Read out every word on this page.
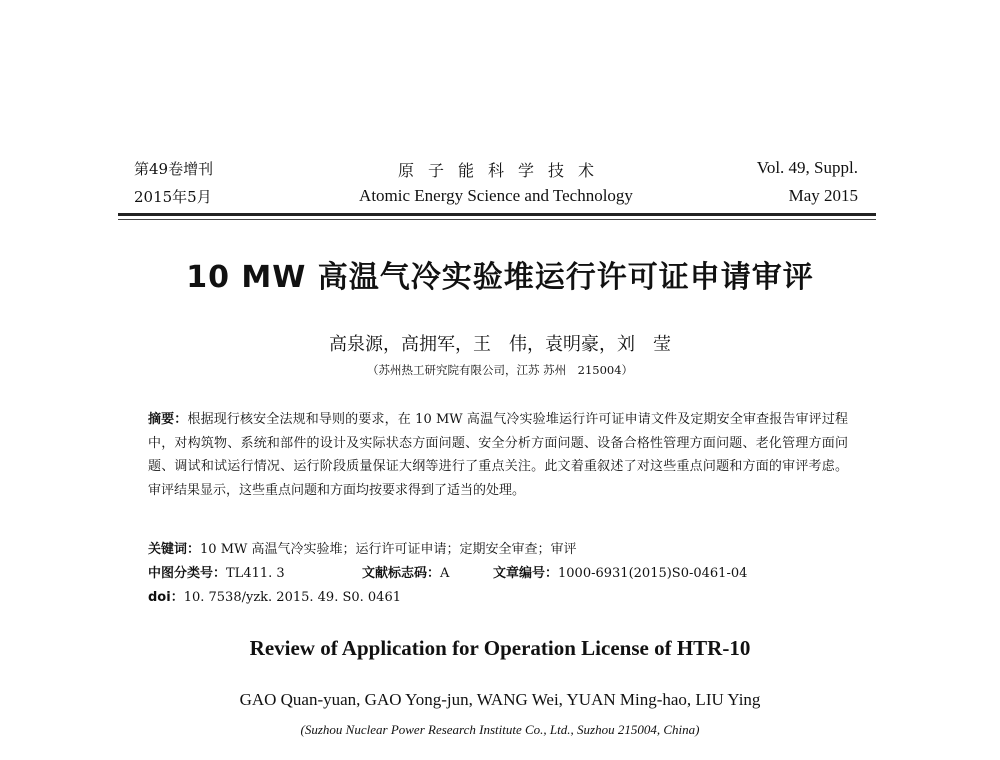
第49卷增刊	原子能科学技术	Vol. 49, Suppl.
2015年5月	Atomic Energy Science and Technology	May 2015
10 MW 高温气冷实验堆运行许可证申请审评
高泉源，高拥军，王　伟，袁明豪，刘　莹
（苏州热工研究院有限公司，江苏 苏州　215004）
摘要：根据现行核安全法规和导则的要求，在 10 MW 高温气冷实验堆运行许可证申请文件及定期安全审查报告审评过程中，对构筑物、系统和部件的设计及实际状态方面问题、安全分析方面问题、设备合格性管理方面问题、老化管理方面问题、调试和试运行情况、运行阶段质量保证大纲等进行了重点关注。此文着重叙述了对这些重点问题和方面的审评考虑。审评结果显示，这些重点问题和方面均按要求得到了适当的处理。
关键词：10 MW 高温气冷实验堆；运行许可证申请；定期安全审查；审评
中图分类号：TL411. 3	文献标志码：A	文章编号：1000-6931(2015)S0-0461-04
doi：10. 7538/yzk. 2015. 49. S0. 0461
Review of Application for Operation License of HTR-10
GAO Quan-yuan, GAO Yong-jun, WANG Wei, YUAN Ming-hao, LIU Ying
(Suzhou Nuclear Power Research Institute Co., Ltd., Suzhou 215004, China)
